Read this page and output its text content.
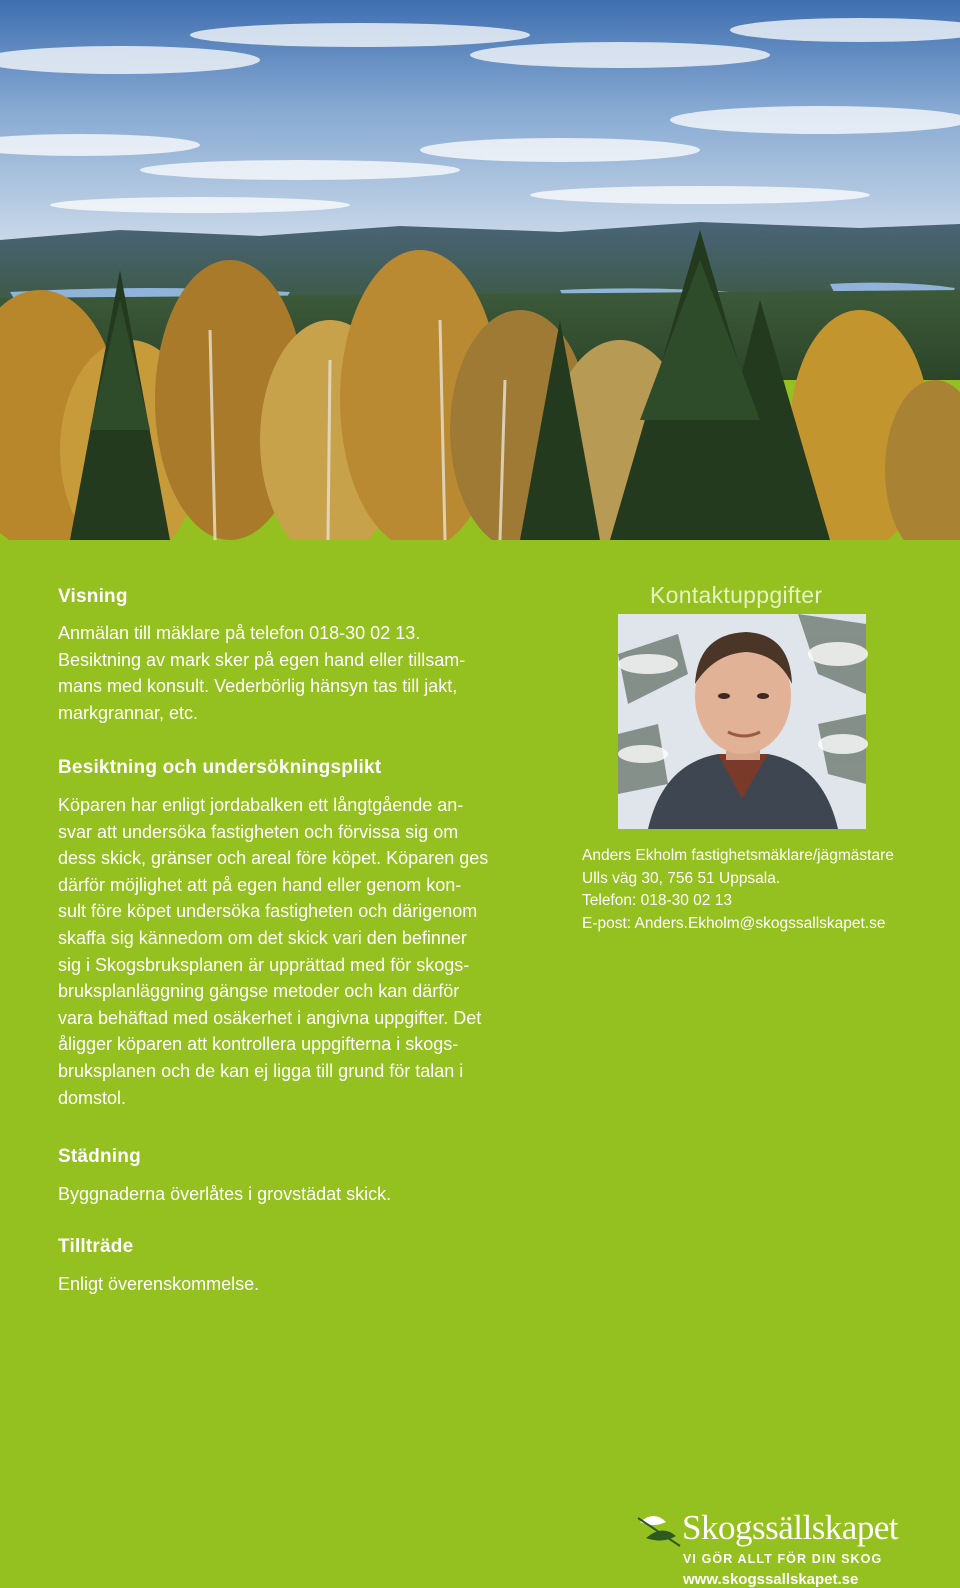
Visning
Anmälan till mäklare på telefon 018-30 02 13.
Besiktning av mark sker på egen hand eller tillsam-
mans med konsult. Vederbörlig hänsyn tas till jakt,
markgrannar, etc.
Besiktning och undersökningsplikt
Köparen har enligt jordabalken ett långtgående an-
svar att undersöka fastigheten och förvissa sig om
dess skick, gränser och areal före köpet. Köparen ges
därför möjlighet att på egen hand eller genom kon-
sult före köpet undersöka fastigheten och därigenom
skaffa sig kännedom om det skick vari den befinner
sig i Skogsbruksplanen är upprättad med för skogs-
bruksplanläggning gängse metoder och kan därför
vara behäftad med osäkerhet i angivna uppgifter. Det
åligger köparen att kontrollera uppgifterna i skogs-
bruksplanen och de kan ej ligga till grund för talan i
domstol.
Städning
Byggnaderna överlåtes i grovstädat skick.
Tillträde
Enligt överenskommelse.
Kontaktuppgifter
Anders Ekholm fastighetsmäklare/jägmästare
Ulls väg 30, 756 51 Uppsala.
Telefon: 018-30 02 13
E-post: Anders.Ekholm@skogssallskapet.se
Skogssällskapet
VI GÖR ALLT FÖR DIN SKOG
www.skogssallskapet.se
